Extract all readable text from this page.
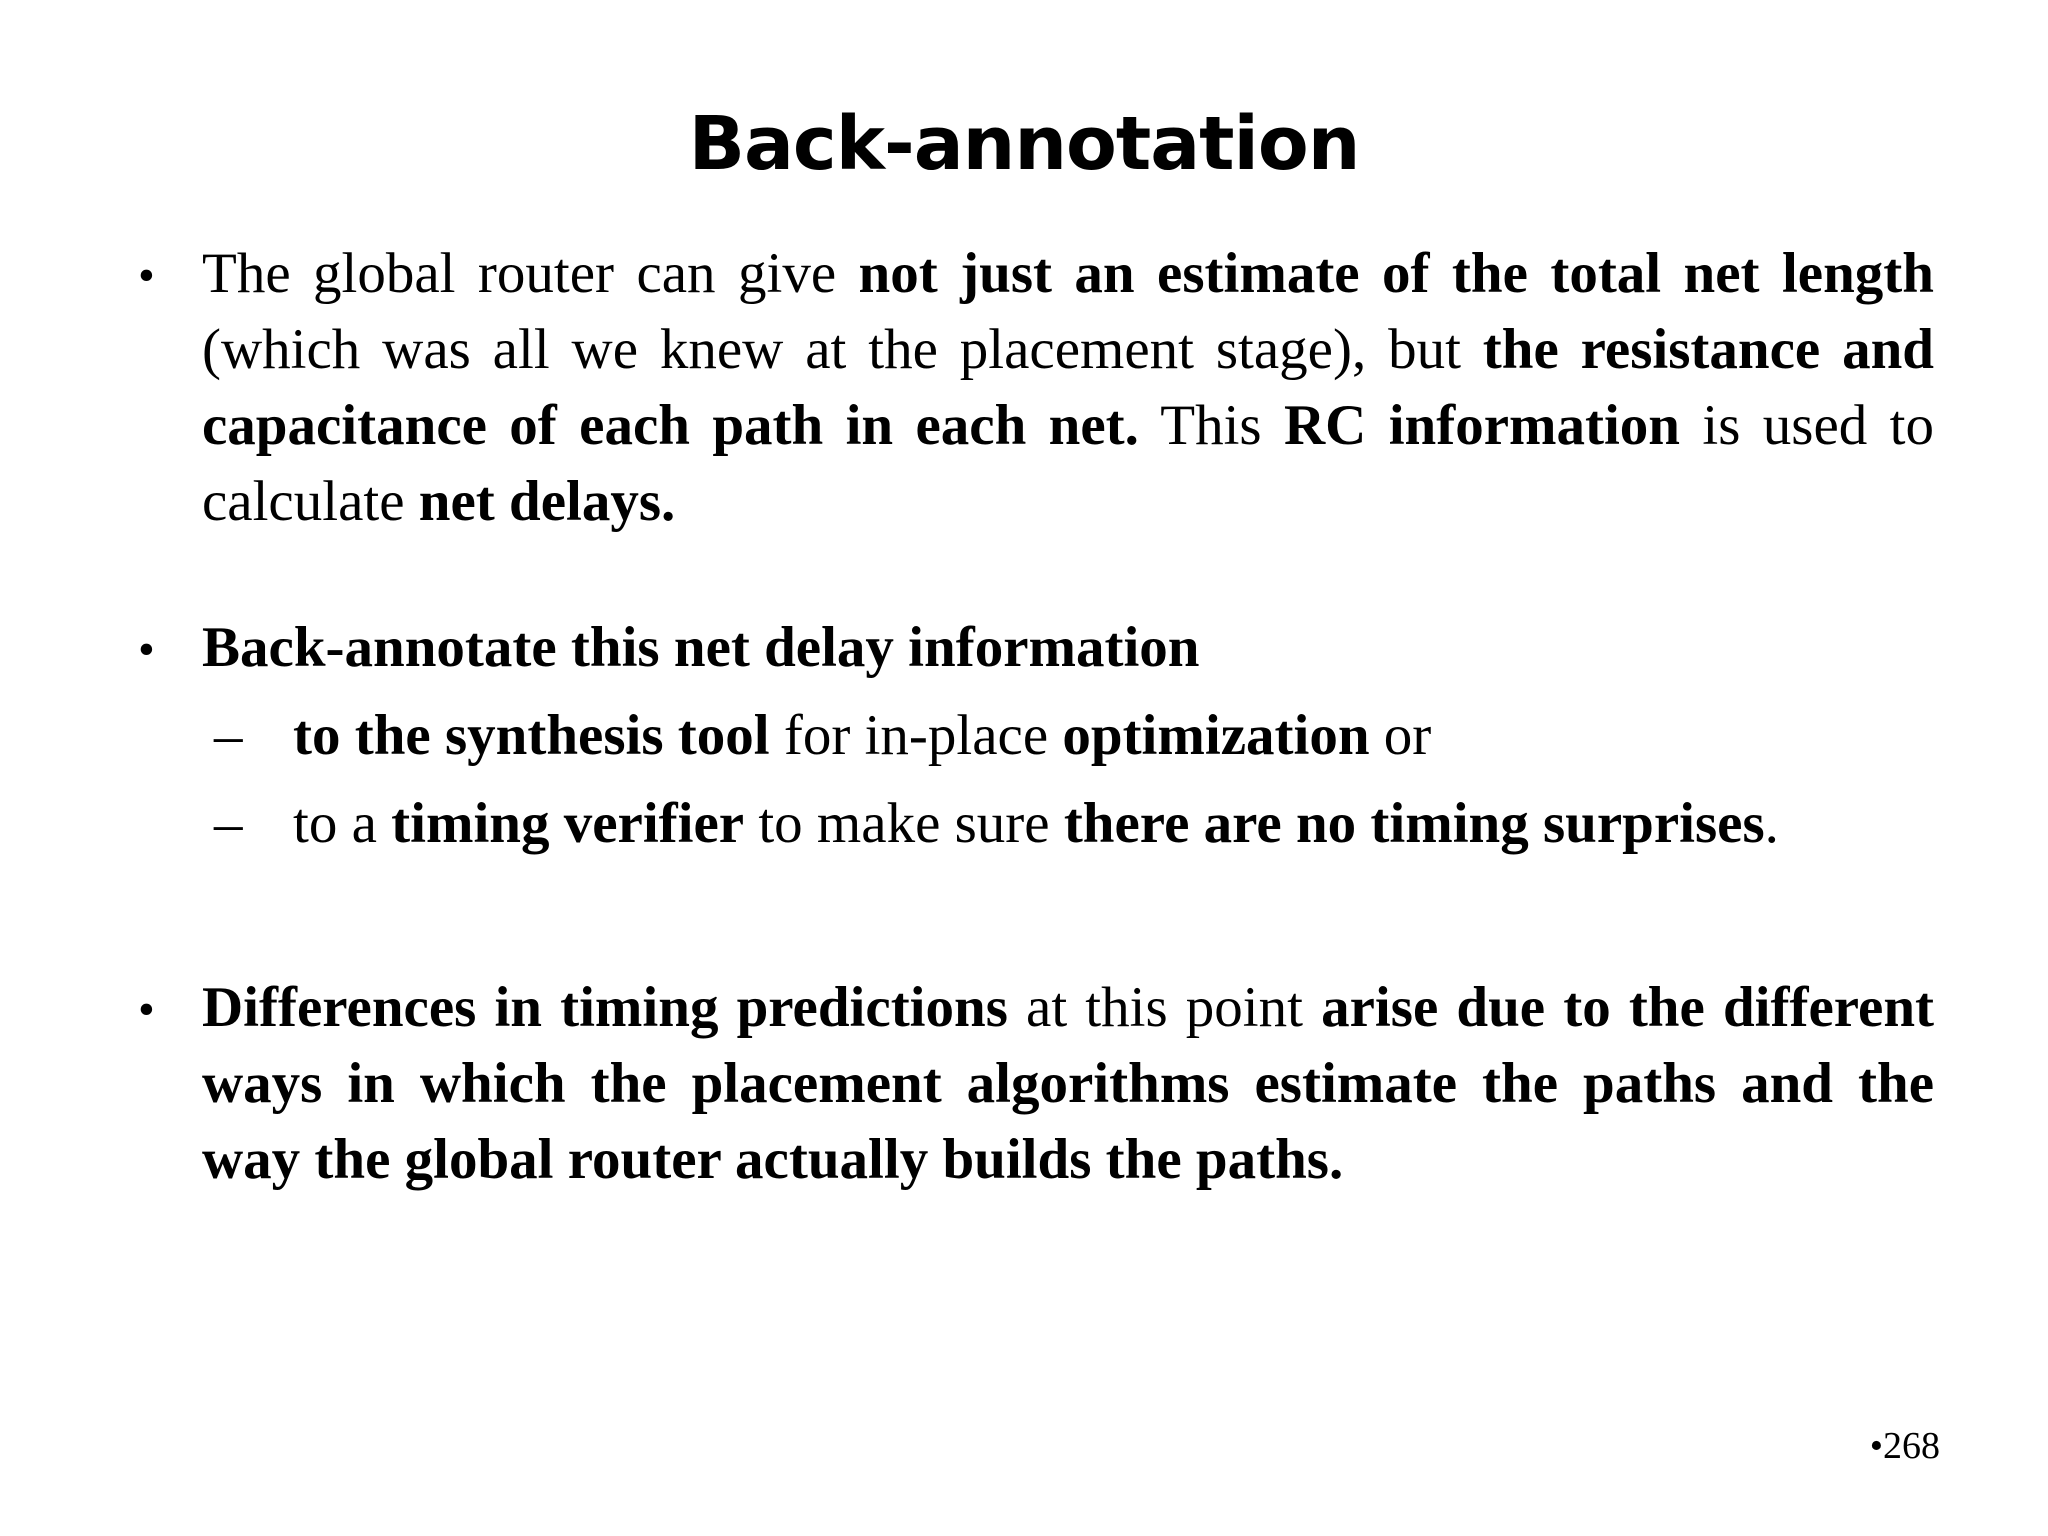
Back-annotation
• The global router can give not just an estimate of the total net length (which was all we knew at the placement stage), but the resistance and capacitance of each path in each net. This RC information is used to calculate net delays.
• Back-annotate this net delay information
– to the synthesis tool for in-place optimization or
– to a timing verifier to make sure there are no timing surprises.
• Differences in timing predictions at this point arise due to the different ways in which the placement algorithms estimate the paths and the way the global router actually builds the paths.
•268
